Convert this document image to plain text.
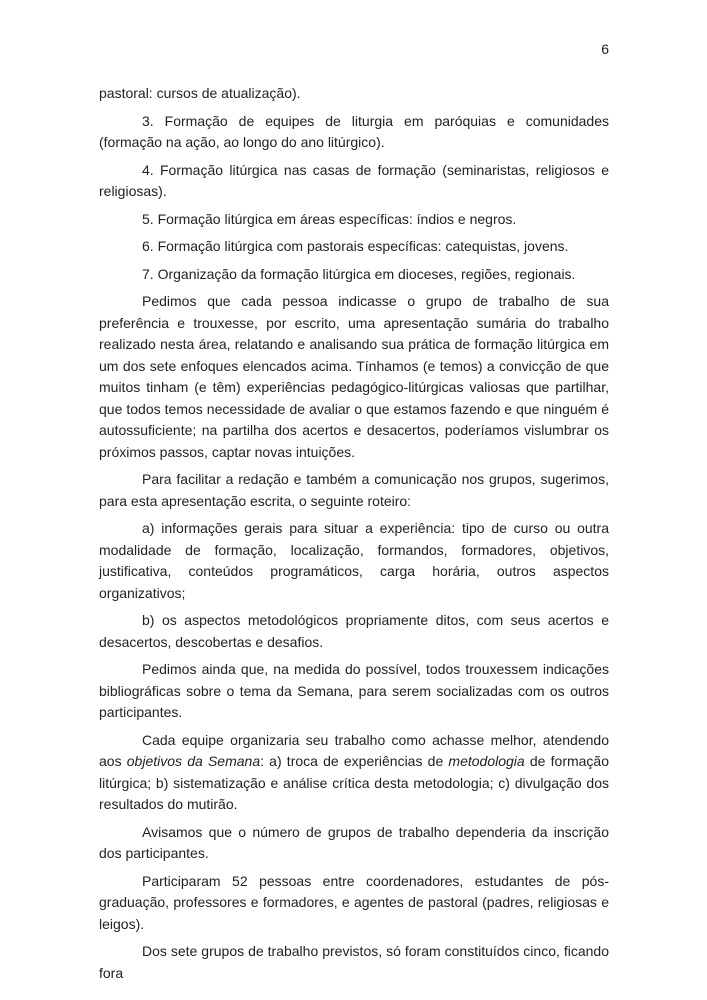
6

pastoral: cursos de atualização).

3. Formação de equipes de liturgia em paróquias e comunidades (formação na ação, ao longo do ano litúrgico).

4. Formação litúrgica nas casas de formação (seminaristas, religiosos e religiosas).

5. Formação litúrgica em áreas específicas: índios e negros.

6. Formação litúrgica com pastorais específicas: catequistas, jovens.

7. Organização da formação litúrgica em dioceses, regiões, regionais.

Pedimos que cada pessoa indicasse o grupo de trabalho de sua preferência e trouxesse, por escrito, uma apresentação sumária do trabalho realizado nesta área, relatando e analisando sua prática de formação litúrgica em um dos sete enfoques elencados acima. Tínhamos (e temos) a convicção de que muitos tinham (e têm) experiências pedagógico-litúrgicas valiosas que partilhar, que todos temos necessidade de avaliar o que estamos fazendo e que ninguém é autossuficiente; na partilha dos acertos e desacertos, poderíamos vislumbrar os próximos passos, captar novas intuições.

Para facilitar a redação e também a comunicação nos grupos, sugerimos, para esta apresentação escrita, o seguinte roteiro:

a) informações gerais para situar a experiência: tipo de curso ou outra modalidade de formação, localização, formandos, formadores, objetivos, justificativa, conteúdos programáticos, carga horária, outros aspectos organizativos;

b) os aspectos metodológicos propriamente ditos, com seus acertos e desacertos, descobertas e desafios.

Pedimos ainda que, na medida do possível, todos trouxessem indicações bibliográficas sobre o tema da Semana, para serem socializadas com os outros participantes.

Cada equipe organizaria seu trabalho como achasse melhor, atendendo aos objetivos da Semana: a) troca de experiências de metodologia de formação litúrgica; b) sistematização e análise crítica desta metodologia; c) divulgação dos resultados do mutirão.

Avisamos que o número de grupos de trabalho dependeria da inscrição dos participantes.

Participaram 52 pessoas entre coordenadores, estudantes de pós-graduação, professores e formadores, e agentes de pastoral (padres, religiosas e leigos).

Dos sete grupos de trabalho previstos, só foram constituídos cinco, ficando fora
